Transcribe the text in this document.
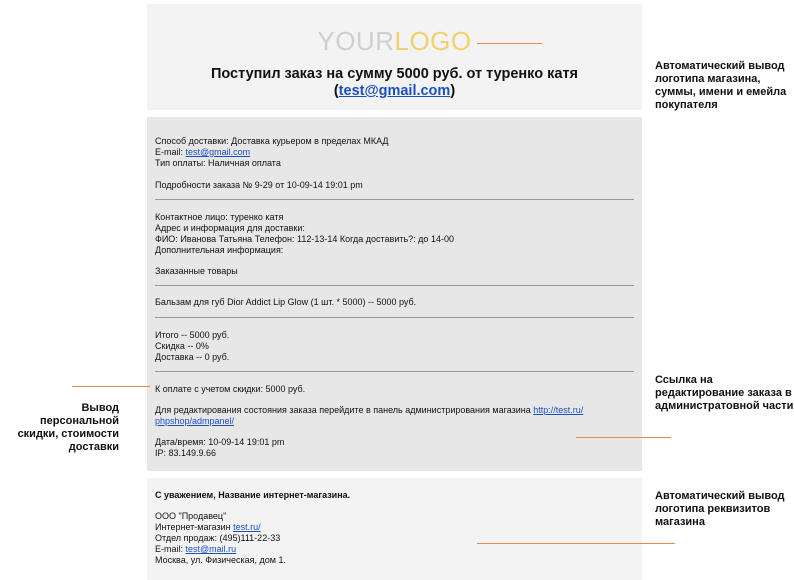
YOURLOGO
Поступил заказ на сумму 5000 руб. от туренко катя
(test@gmail.com)
Способ доставки: Доставка курьером в пределах МКАД
E-mail: test@gmail.com
Тип оплаты: Наличная оплата
Подробности заказа № 9-29 от 10-09-14 19:01 pm
Контактное лицо: туренко катя
Адрес и информация для доставки:
ФИО: Иванова Татьяна Телефон: 112-13-14 Когда доставить?: до 14-00
Дополнительная информация:
Заказанные товары
Бальзам для губ Dior Addict Lip Glow (1 шт. * 5000) -- 5000 руб.
Итого -- 5000 руб.
Скидка -- 0%
Доставка -- 0 руб.
К оплате с учетом скидки: 5000 руб.
Для редактирования состояния заказа перейдите в панель администрирования магазина http://test.ru/
phpshop/admpanel/
Дата/время: 10-09-14 19:01 pm
IP: 83.149.9.66
С уважением, Название интернет-магазина.
ООО "Продавец"
Интернет-магазин test.ru/
Отдел продаж: (495)111-22-33
E-mail: test@mail.ru
Москва, ул. Физическая, дом 1.
Автоматический вывод
логотипа магазина,
суммы, имени и емейла
покупателя
Ссылка на
редактирование заказа в
администратовной части
Вывод персональной
скидки, стоимости
доставки
Автоматический вывод
логотипа реквизитов
магазина
